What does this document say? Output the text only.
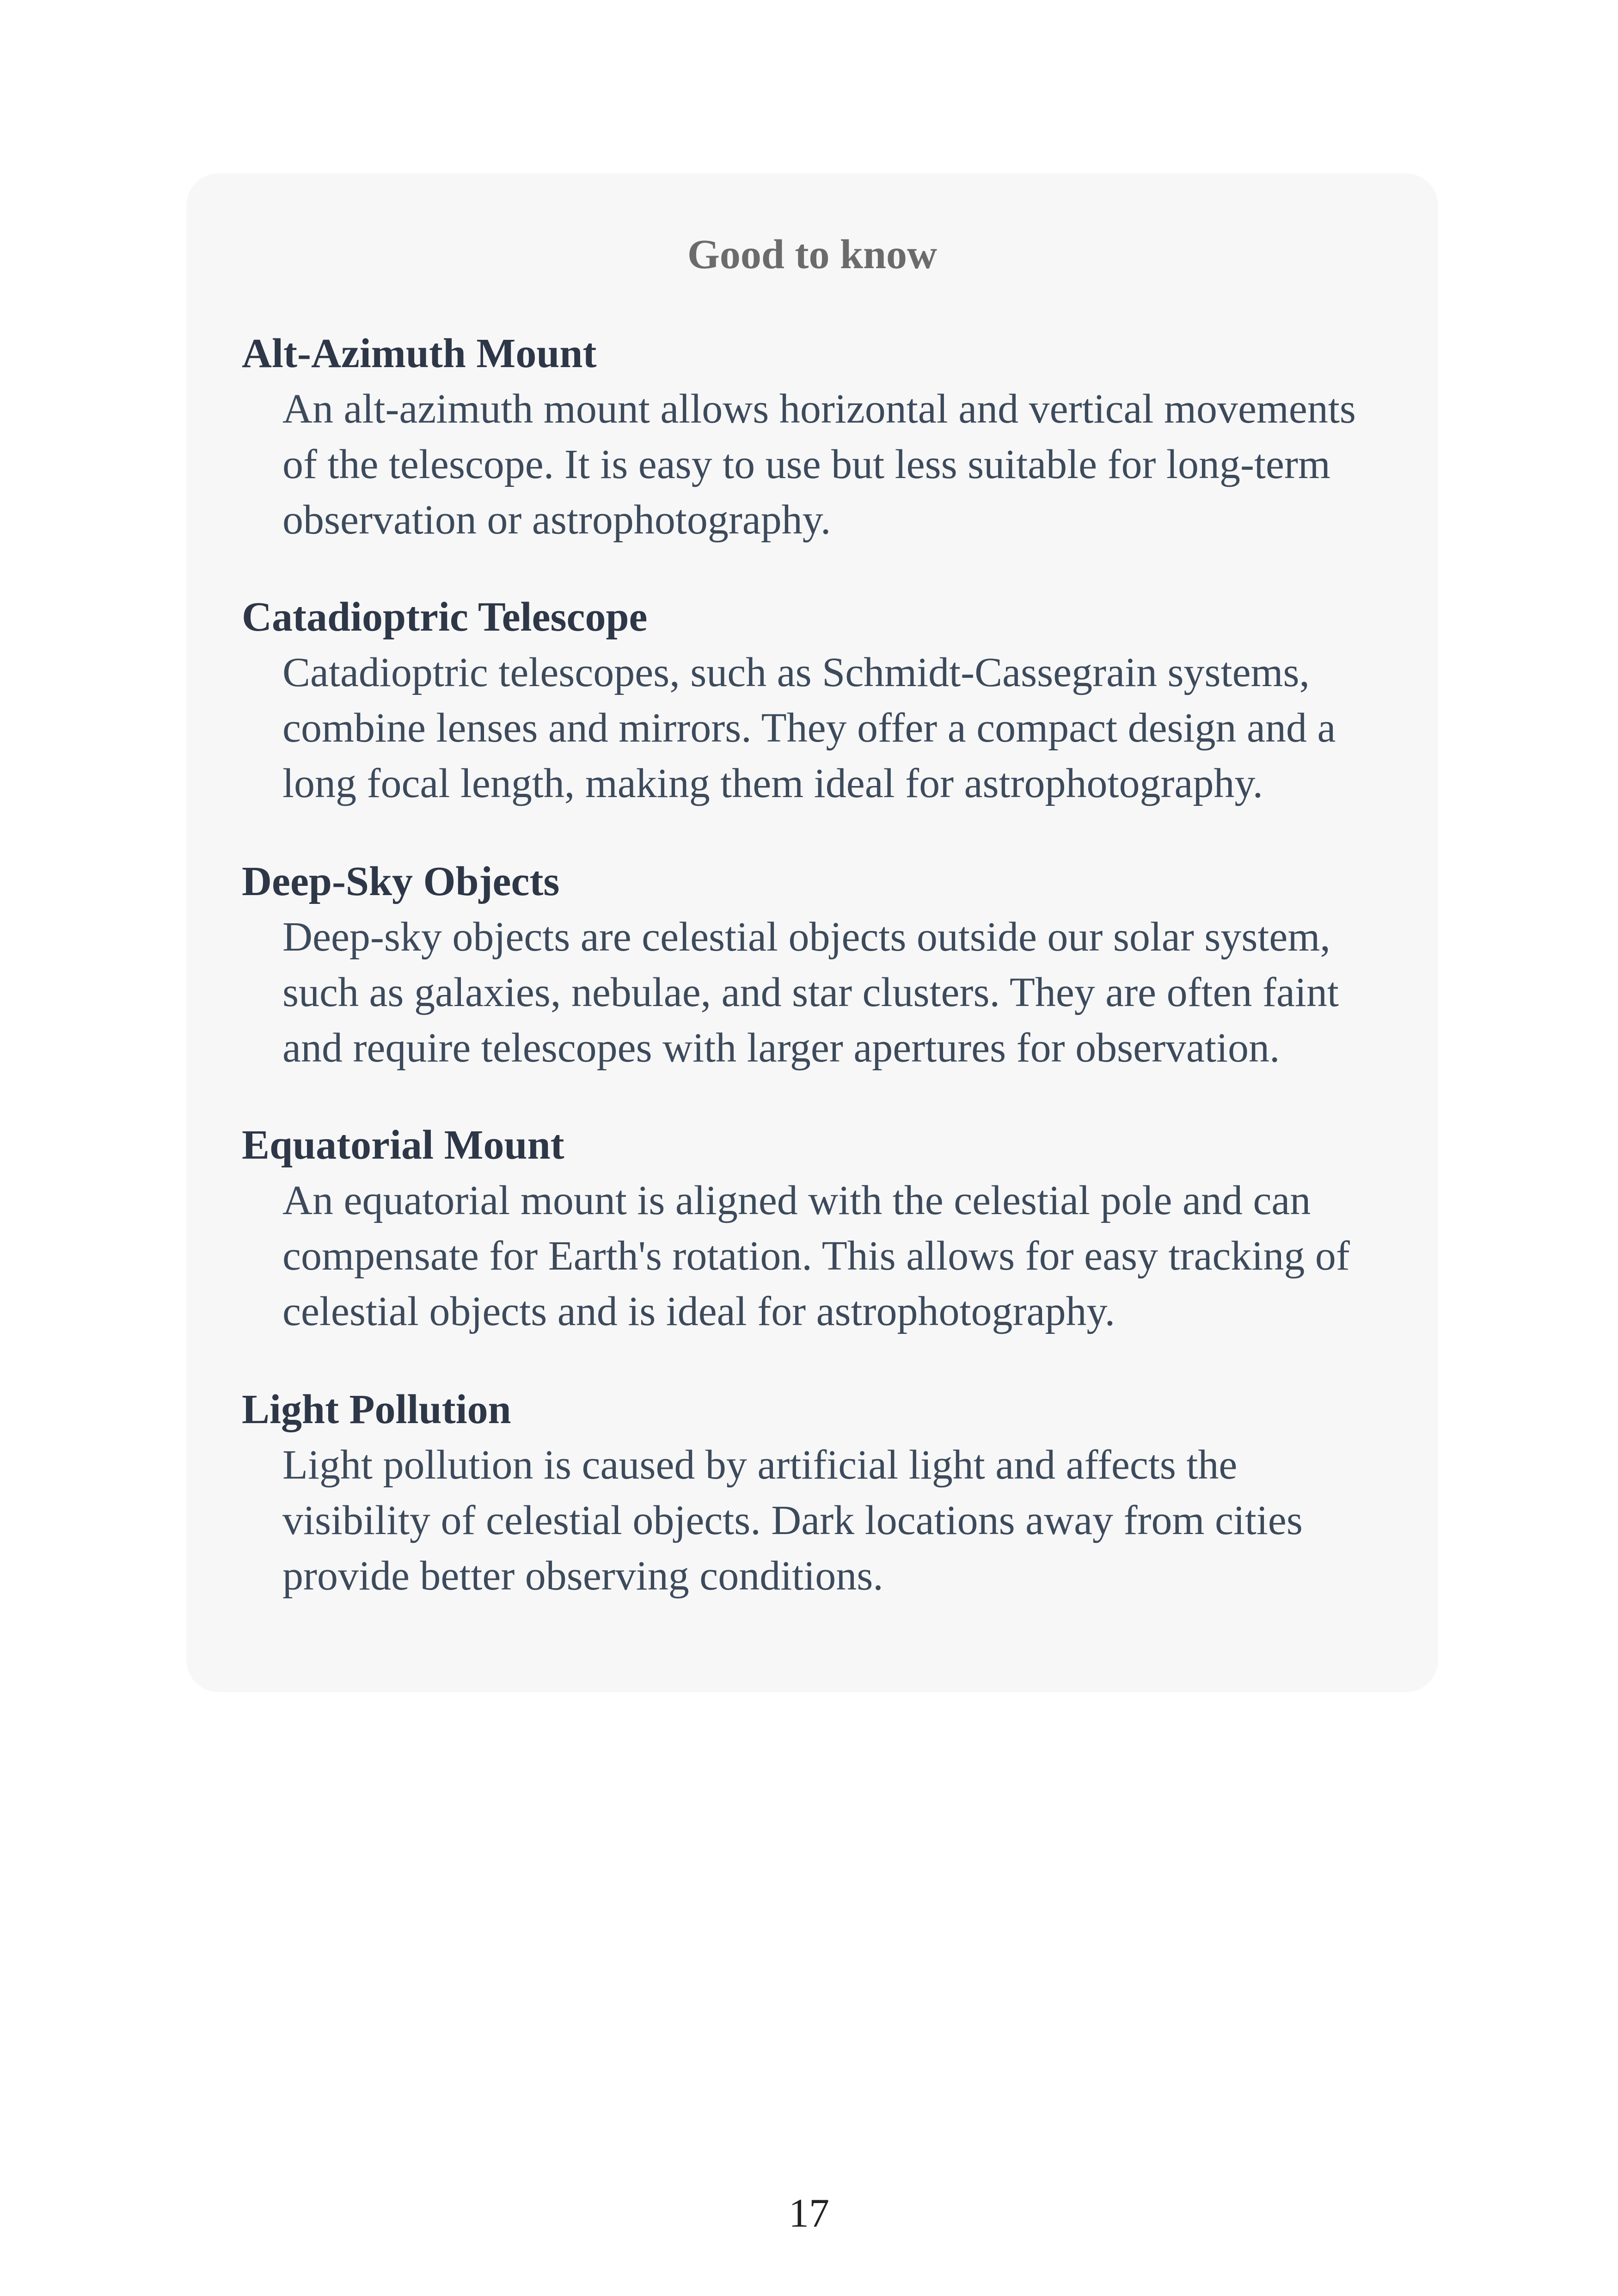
Good to know

Alt-Azimuth Mount

An alt-azimuth mount allows horizontal and vertical movements of the telescope. It is easy to use but less suitable for long-term observation or astrophotography.

Catadioptric Telescope

Catadioptric telescopes, such as Schmidt-Cassegrain systems, combine lenses and mirrors. They offer a compact design and a long focal length, making them ideal for astrophotography.

Deep-Sky Objects

Deep-sky objects are celestial objects outside our solar system, such as galaxies, nebulae, and star clusters. They are often faint and require telescopes with larger apertures for observation.

Equatorial Mount

An equatorial mount is aligned with the celestial pole and can compensate for Earth's rotation. This allows for easy tracking of celestial objects and is ideal for astrophotography.

Light Pollution

Light pollution is caused by artificial light and affects the visibility of celestial objects. Dark locations away from cities provide better observing conditions.

17
